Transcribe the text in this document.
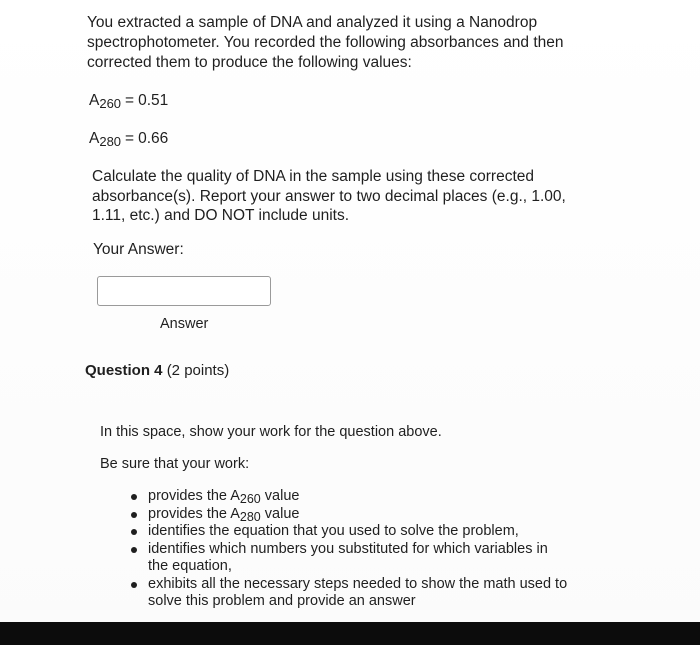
You extracted a sample of DNA and analyzed it using a Nanodrop spectrophotometer. You recorded the following absorbances and then corrected them to produce the following values:
A260 = 0.51
A280 = 0.66
Calculate the quality of DNA in the sample using these corrected absorbance(s). Report your answer to two decimal places (e.g., 1.00, 1.11, etc.) and DO NOT include units.
Your Answer:
Answer
Question 4 (2 points)
In this space, show your work for the question above.
Be sure that your work:
provides the A260 value
provides the A280 value
identifies the equation that you used to solve the problem,
identifies which numbers you substituted for which variables in the equation,
exhibits all the necessary steps needed to show the math used to solve this problem and provide an answer
